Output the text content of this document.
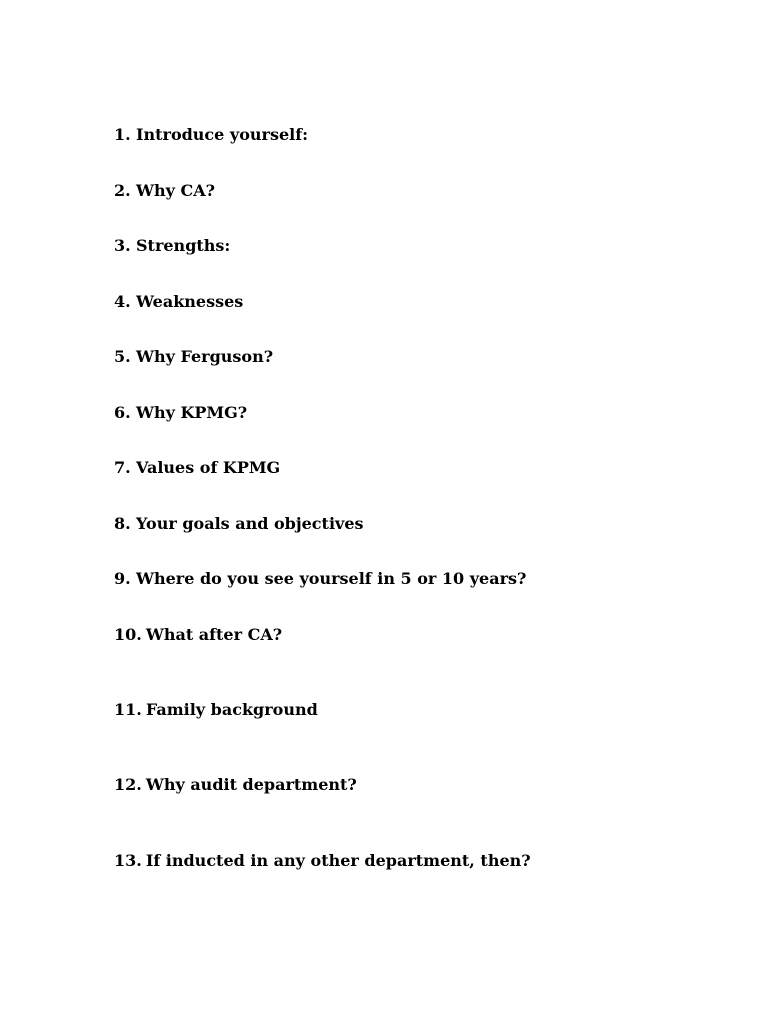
1. Introduce yourself:
2. Why CA?
3. Strengths:
4. Weaknesses
5. Why Ferguson?
6. Why KPMG?
7. Values of KPMG
8. Your goals and objectives
9. Where do you see yourself in 5 or 10 years?
10. What after CA?
11. Family background
12. Why audit department?
13. If inducted in any other department, then?
